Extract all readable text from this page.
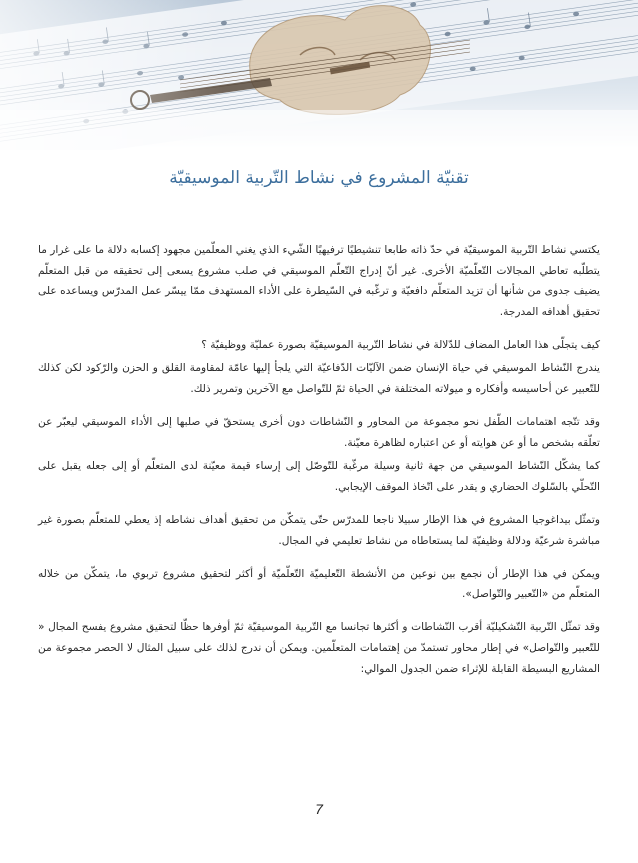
تقنيّة المشروع في نشاط التّربية الموسيقيّة

يكتسي نشاط التّربية الموسيقيّة في حدّ ذاته طابعا تنشيطيًا ترفيهيًا الشّيء الذي يغني المعلّمين مجهود إكسابه دلالة ما على غرار ما يتطلّبه تعاطي المجالات التّعلّميّة الأخرى. غير أنّ إدراج التّعلّم الموسيقي في صلب مشروع يسعى إلى تحقيقه من قبل المتعلّم يضيف جدوى من شأنها أن تزيد المتعلّم دافعيّة و ترغّبه في السّيطرة على الأداء المستهدف ممّا ييسّر عمل المدرّس ويساعده على تحقيق أهدافه المدرجة.

كيف يتجلّى هذا العامل المضاف للدّلالة في نشاط التّربية الموسيقيّة بصورة عمليّة ووظيفيّة ؟

يندرج النّشاط الموسيقي في حياة الإنسان ضمن الآليّات الدّفاعيّة التي يلجأ إليها عامّة لمقاومة القلق و الحزن والرّكود لكن كذلك للتّعبير عن أحاسيسه وأفكاره و ميولاته المختلفة في الحياة ثمّ للتّواصل مع الآخرين وتمرير ذلك.

وقد تتّجه اهتمامات الطّفل نحو مجموعة من المحاور و النّشاطات دون أخرى يستحقّ في صلبها إلى الأداء الموسيقي ليعبّر عن تعلّقه بشخص ما أو عن هوايته أو عن اعتباره لظاهرة معيّنة.

كما يشكّل النّشاط الموسيقي من جهة ثانية وسيلة مرغّبة للتّوصّل إلى إرساء قيمة معيّنة لدى المتعلّم أو إلى جعله يقبل على التّحلّي بالسّلوك الحضاري و يقدر على اتّخاذ الموقف الإيجابي.

وتمثّل بيداغوجيا المشروع في هذا الإطار سبيلا ناجعا للمدرّس حتّى يتمكّن من تحقيق أهداف نشاطه إذ يعطي للمتعلّم بصورة غير مباشرة شرعيّة ودلالة وظيفيّة لما يستعاطاه من نشاط تعليمي في المجال.

ويمكن في هذا الإطار أن نجمع بين نوعين من الأنشطة التّعليميّة التّعلّميّة أو أكثر لتحقيق مشروع تربوي ما، يتمكّن من خلاله المتعلّم من «التّعبير والتّواصل».

وقد تمثّل التّربية التّشكيليّة أقرب النّشاطات و أكثرها تجانسا مع التّربية الموسيقيّة ثمّ أوفرها حظّا لتحقيق مشروع يفسح المجال « للتّعبير والتّواصل» في إطار محاور تستمدّ من إهتمامات المتعلّمين. ويمكن أن ندرج لذلك على سبيل المثال لا الحصر مجموعة من المشاريع البسيطة القابلة للإثراء ضمن الجدول الموالي:

7
